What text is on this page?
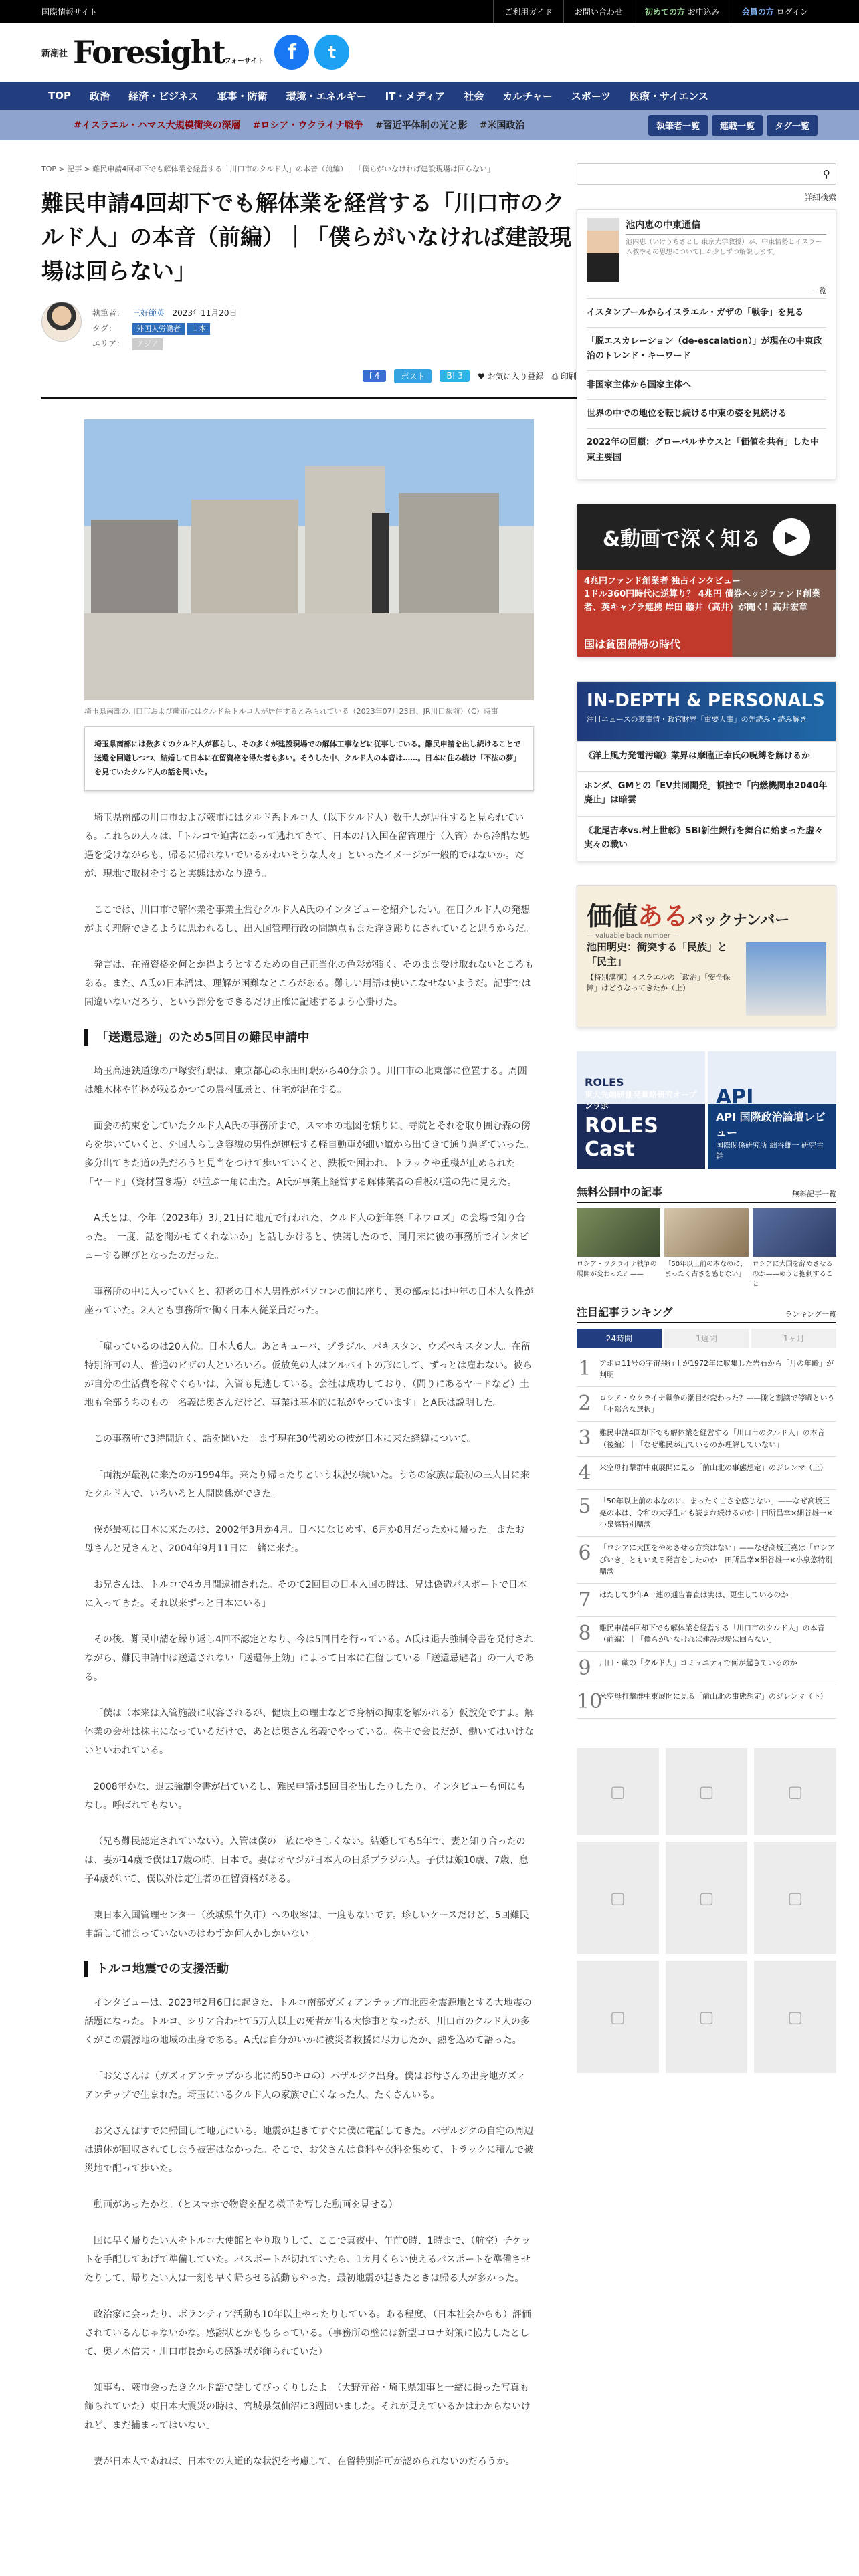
国際情報サイト	ご利用ガイド	お問い合わせ	初めての方
お申込み	会員の方
ログイン
新潮社 Foresightフォーサイト	f	t
TOP	政治	経済・ビジネス	軍事・防衛	環境・エネルギー	IT・メディア	社会	カルチャー	スポーツ	医療・サイエンス
#イスラエル・ハマス大規模衝突の深層 #ロシア・ウクライナ戦争 #習近平体制の光と影 #米国政治	執筆者一覧	連載一覧	タグ一覧
TOP > 記事 > 難民申請4回却下でも解体業を経営する「川口市のクルド人」の本音（前編）｜「僕らがいなければ建設現場は回らない」
難民申請4回却下でも解体業を経営する「川口市のクルド人」の本音（前編）｜「僕らがいなければ建設現場は回らない」
執筆者： 三好範英 2023年11月20日
タグ：	外国人労働者 日本
エリア： アジア
f 4	ポスト	B! 3	♥ お気に入り登録 ⎙ 印刷
埼玉県南部の川口市および蕨市にはクルド系トルコ人が居住するとみられている（2023年07月23日、JR川口駅前）（C）時事
埼玉県南部には数多くのクルド人が暮らし、その多くが建設現場での解体工事などに従事している。難民申請を出し続けることで送還を回避しつつ、結婚して日本に在留資格を得た者も多い。そうした中、クルド人の本音は……。日本に住み続け「不法の夢」を見ていたクルド人の話を聞いた。

埼玉県南部の川口市および蕨市にはクルド系トルコ人（以下クルド人）数千人が居住すると見られている。これらの人々は、「トルコで迫害にあって逃れてきて、日本の出入国在留管理庁（入管）から冷酷な処遇を受けながらも、帰るに帰れないでいるかわいそうな人々」といったイメージが一般的ではないか。だが、現地で取材をすると実態はかなり違う。

ここでは、川口市で解体業を事業主営むクルド人A氏のインタビューを紹介したい。在日クルド人の発想がよく理解できるように思われるし、出入国管理行政の問題点もまた浮き彫りにされていると思うからだ。

発言は、在留資格を何とか得ようとするための自己正当化の色彩が強く、そのまま受け取れないところもある。また、A氏の日本語は、理解が困難なところがある。難しい用語は使いこなせないようだ。記事では間違いないだろう、という部分をできるだけ正確に記述するよう心掛けた。

「送還忌避」のため5回目の難民申請中

埼玉高速鉄道線の戸塚安行駅は、東京都心の永田町駅から40分余り。川口市の北東部に位置する。周囲は雑木林や竹林が残るかつての農村風景と、住宅が混在する。

面会の約束をしていたクルド人A氏の事務所まで、スマホの地図を頼りに、寺院とそれを取り囲む森の傍らを歩いていくと、外国人らしき容貌の男性が運転する軽自動車が細い道から出てきて通り過ぎていった。多分出てきた道の先だろうと見当をつけて歩いていくと、鉄板で囲われ、トラックや重機が止められた「ヤード」（資材置き場）が並ぶ一角に出た。A氏が事業上経営する解体業者の看板が道の先に見えた。

A氏とは、今年（2023年）3月21日に地元で行われた、クルド人の新年祭「ネウロズ」の会場で知り合った。「一度、話を聞かせてくれないか」と話しかけると、快諾したので、同月末に彼の事務所でインタビューする運びとなったのだった。

事務所の中に入っていくと、初老の日本人男性がパソコンの前に座り、奥の部屋には中年の日本人女性が座っていた。2人とも事務所で働く日本人従業員だった。

「雇っているのは20人位。日本人6人。あとキューバ、ブラジル、パキスタン、ウズベキスタン人。在留特別許可の人、普通のビザの人といろいろ。仮放免の人はアルバイトの形にして、ずっとは雇わない。彼らが自分の生活費を稼ぐぐらいは、入管も見逃している。会社は成功しており、（問りにあるヤードなど）土地も全部うちのもの。名義は奥さんだけど、事業は基本的に私がやっています」とA氏は説明した。

この事務所で3時間近く、話を聞いた。まず現在30代初めの彼が日本に来た経緯について。

「両親が最初に来たのが1994年。来たり帰ったりという状況が続いた。うちの家族は最初の三人目に来たクルド人で、いろいろと人間関係ができた。

僕が最初に日本に来たのは、2002年3月か4月。日本になじめず、6月か8月だったかに帰った。またお母さんと兄さんと、2004年9月11日に一緒に来た。

お兄さんは、トルコで4カ月間逮捕された。そのて2回目の日本入国の時は、兄は偽造パスポートで日本に入ってきた。それ以来ずっと日本にいる」

その後、難民申請を繰り返し4回不認定となり、今は5回目を行っている。A氏は退去強制令書を発付されながら、難民申請中は送還されない「送還停止効」によって日本に在留している「送還忌避者」の一人である。

「僕は（本来は入管施設に収容されるが、健康上の理由などで身柄の拘束を解かれる）仮放免ですよ。解体業の会社は株主になっているだけで、あとは奥さん名義でやっている。株主で会長だが、働いてはいけないといわれている。

2008年かな、退去強制令書が出ているし、難民申請は5回目を出したりしたり、インタビューも何にもなし。呼ばれてもない。

（兄も難民認定されていない）。入管は僕の一族にやさしくない。結婚しても5年で、妻と知り合ったのは、妻が14歳で僕は17歳の時、日本で。妻はオヤジが日本人の日系ブラジル人。子供は娘10歳、7歳、息子4歳がいて、僕以外は定住者の在留資格がある。

東日本入国管理センター（茨城県牛久市）への収容は、一度もないです。珍しいケースだけど、5回難民申請して捕まっていないのはわずか何人かしかいない」

トルコ地震での支援活動

インタビューは、2023年2月6日に起きた、トルコ南部ガズィアンテップ市北西を震源地とする大地震の話題になった。トルコ、シリア合わせて5万人以上の死者が出る大惨事となったが、川口市のクルド人の多くがこの震源地の地域の出身である。A氏は自分がいかに被災者救援に尽力したか、熱を込めて語った。

「お父さんは（ガズィアンテップから北に約50キロの）パザルジク出身。僕はお母さんの出身地ガズィアンテップで生まれた。埼玉にいるクルド人の家族で亡くなった人、たくさんいる。

お父さんはすでに帰国して地元にいる。地震が起きてすぐに僕に電話してきた。パザルジクの自宅の周辺は遺体が回収されてしまう被害はなかった。そこで、お父さんは食料や衣料を集めて、トラックに積んで被災地で配って歩いた。

動画があったかな。（とスマホで物資を配る様子を写した動画を見せる）

国に早く帰りたい人をトルコ大使館とやり取りして、ここで真夜中、午前0時、1時まで、（航空）チケットを手配してあげて準備していた。パスポートが切れていたら、1カ月くらい使えるパスポートを準備させたりして、帰りたい人は一刻も早く帰らせる活動もやった。最初地震が起きたときは帰る人が多かった。

政治家に会ったり、ボランティア活動も10年以上やったりしている。ある程度、（日本社会からも）評価されているんじゃないかな。感謝状とかももらっている。（事務所の壁には新型コロナ対策に協力したとして、奥ノ木信夫・川口市長からの感謝状が飾られていた）

知事も、蕨市会ったきクルド語で話してびっくりしたよ。（大野元裕・埼玉県知事と一緒に撮った写真も飾られていた）東日本大震災の時は、宮城県気仙沼に3週間いました。それが見えているかはわからないけれど、まだ捕まってはいない」

妻が日本人であれば、日本での人道的な状況を考慮して、在留特別許可が認められないのだろうか。

⚲
詳細検索
池内恵の中東通信
池内恵（いけうちさとし 東京大学教授）が、中東情勢とイスラーム教やその思想について日々少しずつ解説します。
一覧
イスタンブールからイスラエル・ガザの「戦争」を見る
「脱エスカレーション（de-escalation）」が現在の中東政治のトレンド・キーワード
非国家主体から国家主体へ
世界の中での地位を転じ続ける中東の姿を見続ける
2022年の回顧：グローバルサウスと「価値を共有」した中東主要国
&動画で深く知る	▶
4兆円ファンド創業者 独占インタビュー
1ドル360円時代に逆算り？ 4兆円 債券ヘッジファンド創業者、英キャプラ連携 岸田 藤井（高井）が聞く！高井宏章
国は貧困帰帰の時代
IN-DEPTH & PERSONALS
注目ニュースの裏事情・政官財界「重要人事」の先読み・読み解き
《洋上風力発電汚職》業界は摩臨正幸氏の呪縛を解けるか
ホンダ、GMとの「EV共同開発」頓挫で「内燃機関車2040年廃止」は暗雲
《北尾吉孝vs.村上世彰》SBI新生銀行を舞台に始まった虚々実々の戦い
価値あるバックナンバー
— valuable back number —
池田明史：衝突する「民族」と「民主」
【特別講演】イスラエルの「政治」「安全保障」はどうなってきたか（上）
ROLES
東大先端研創発戦略研究オープンラボ
ROLES Cast
API
API 国際政治論壇レビュー
国際関係研究所 細谷雄一 研究主幹
無料公開中の記事	無料記事一覧

ロシア・ウクライナ戦争の展開が変わった？——

「50年以上前の本なのに、まったく古さを感じない」

ロシアに大国を辞めさせるのか——めうと抱刺すること

注目記事ランキング	ランキング一覧
24時間	1週間	1ヶ月
1 アポロ11号の宇宙飛行士が1972年に収集した岩石から「月の年齢」が判明
2 ロシア・ウクライナ戦争の潮目が変わった？——隙と割譲で停戦という「不都合な選択」
3 難民申請4回却下でも解体業を経営する「川口市のクルド人」の本音（後編）｜「なぜ難民が出ているのか理解していない」
4 米空母打撃群中東展開に見る「前山北の事態想定」のジレンマ（上）
5 「50年以上前の本なのに、まったく古さを感じない」——なぜ高坂正堯の本は、令和の大学生にも読まれ続けるのか｜田所昌幸×細谷雄一×小泉悠特別鼎談
6 「ロシアに大国をやめさせる方策はない」——なぜ高坂正堯は「ロシアびいき」ともいえる発言をしたのか｜田所昌幸×細谷雄一×小泉悠特別鼎談
7 はたして少年A一連の通告審査は実は、更生しているのか
8 難民申請4回却下でも解体業を経営する「川口市のクルド人」の本音（前編）｜「僕らがいなければ建設現場は回らない」
9 川口・蕨の「クルド人」コミュニティで何が起きているのか
10
米空母打撃群中東展開に見る「前山北の事態想定」のジレンマ（下）
▢	▢	▢
▢	▢	▢
▢	▢	▢
